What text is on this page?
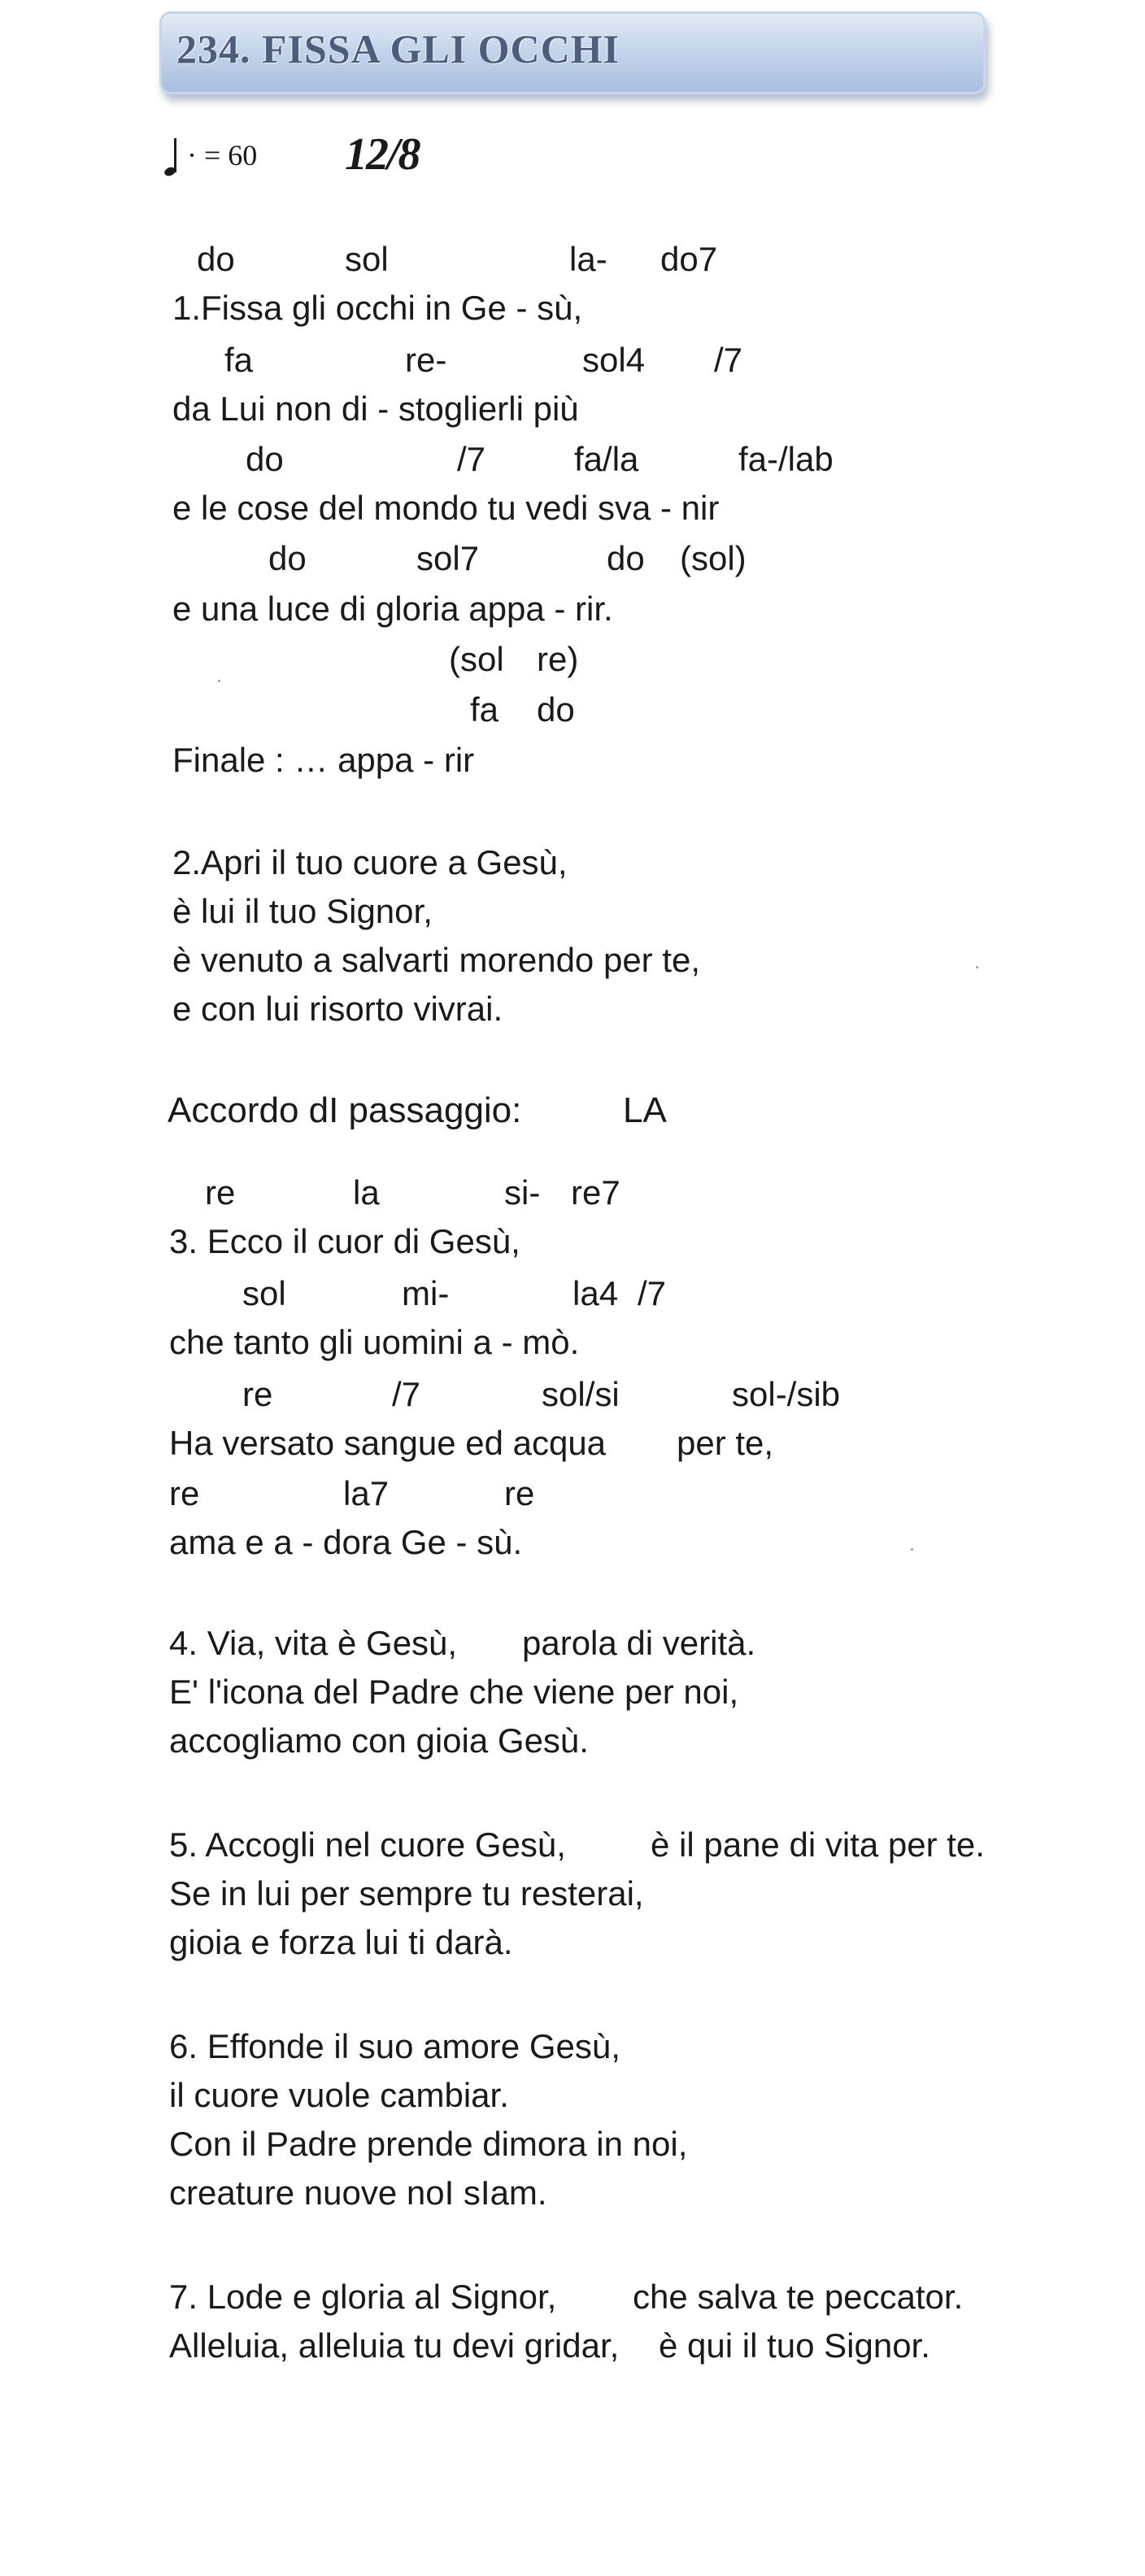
234. FISSA GLI OCCHI
· = 60 12/8
do	sol	la- do7
1.Fissa gli occhi in Ge - sù,
fa	re-	sol4 /7
da Lui non di - stoglierli più
do	/7	fa/la	fa-/lab
e le cose del mondo tu vedi sva - nir
do	sol7	do (sol)
e una luce di gloria appa - rir.
(sol re)
fa do
Finale : … appa - rir
2.Apri il tuo cuore a Gesù,
è lui il tuo Signor,
è venuto a salvarti morendo per te,
e con lui risorto vivrai.
Accordo dI passaggio:	LA
re	la	si- re7
3. Ecco il cuor di Gesù,
sol	mi-	la4 /7
che tanto gli uomini a - mò.
re	/7	sol/si	sol-/sib
Ha versato sangue ed acqua per te,
re	la7	re
ama e a - dora Ge - sù.
4. Via, vita è Gesù, parola di verità.
E' l'icona del Padre che viene per noi,
accogliamo con gioia Gesù.
5. Accogli nel cuore Gesù, è il pane di vita per te.
Se in lui per sempre tu resterai,
gioia e forza lui ti darà.
6. Effonde il suo amore Gesù,
il cuore vuole cambiar.
Con il Padre prende dimora in noi,
creature nuove noI sIam.
7. Lode e gloria al Signor, che salva te peccator.
Alleluia, alleluia tu devi gridar, è qui il tuo Signor.
